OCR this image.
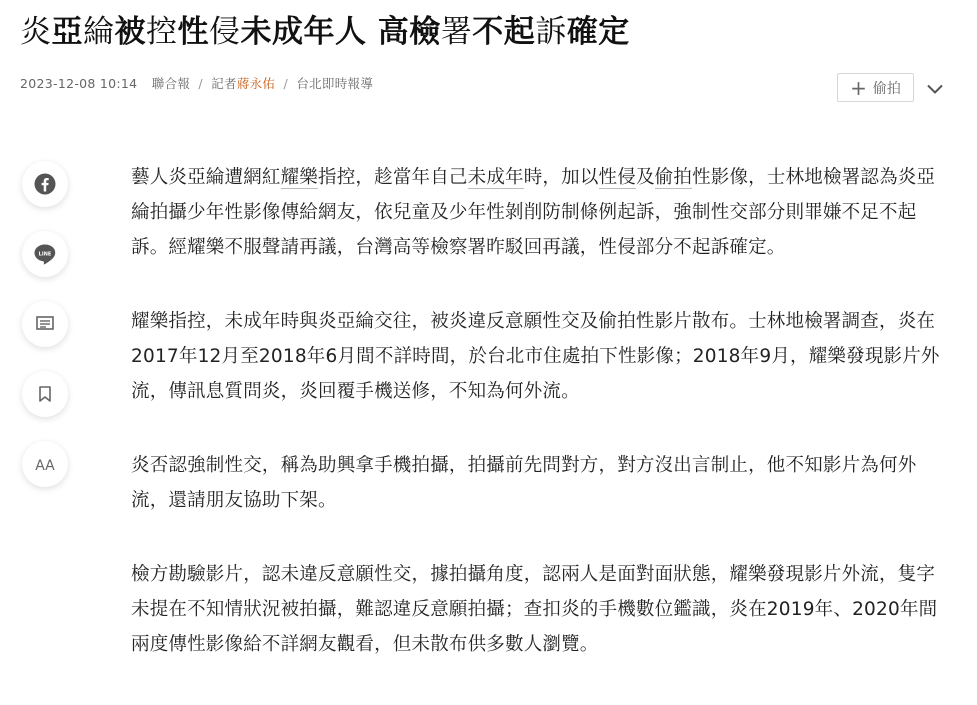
炎亞綸被控性侵未成年人 高檢署不起訴確定
2023-12-08 10:14 聯合報 / 記者蔣永佑 / 台北即時報導	+ 偷拍
LINE
AA

藝人炎亞綸遭網紅耀樂指控，趁當年自己未成年時，加以性侵及偷拍性影像，士林地檢署認為炎亞綸拍攝少年性影像傳給網友，依兒童及少年性剝削防制條例起訴，強制性交部分則罪嫌不足不起訴。經耀樂不服聲請再議，台灣高等檢察署昨駁回再議，性侵部分不起訴確定。

耀樂指控，未成年時與炎亞綸交往，被炎違反意願性交及偷拍性影片散布。士林地檢署調查，炎在2017年12月至2018年6月間不詳時間，於台北市住處拍下性影像；2018年9月，耀樂發現影片外流，傳訊息質問炎，炎回覆手機送修，不知為何外流。

炎否認強制性交，稱為助興拿手機拍攝，拍攝前先問對方，對方沒出言制止，他不知影片為何外流，還請朋友協助下架。

檢方勘驗影片，認未違反意願性交，據拍攝角度，認兩人是面對面狀態，耀樂發現影片外流，隻字未提在不知情狀況被拍攝，難認違反意願拍攝；查扣炎的手機數位鑑識，炎在2019年、2020年間兩度傳性影像給不詳網友觀看，但未散布供多數人瀏覽。
